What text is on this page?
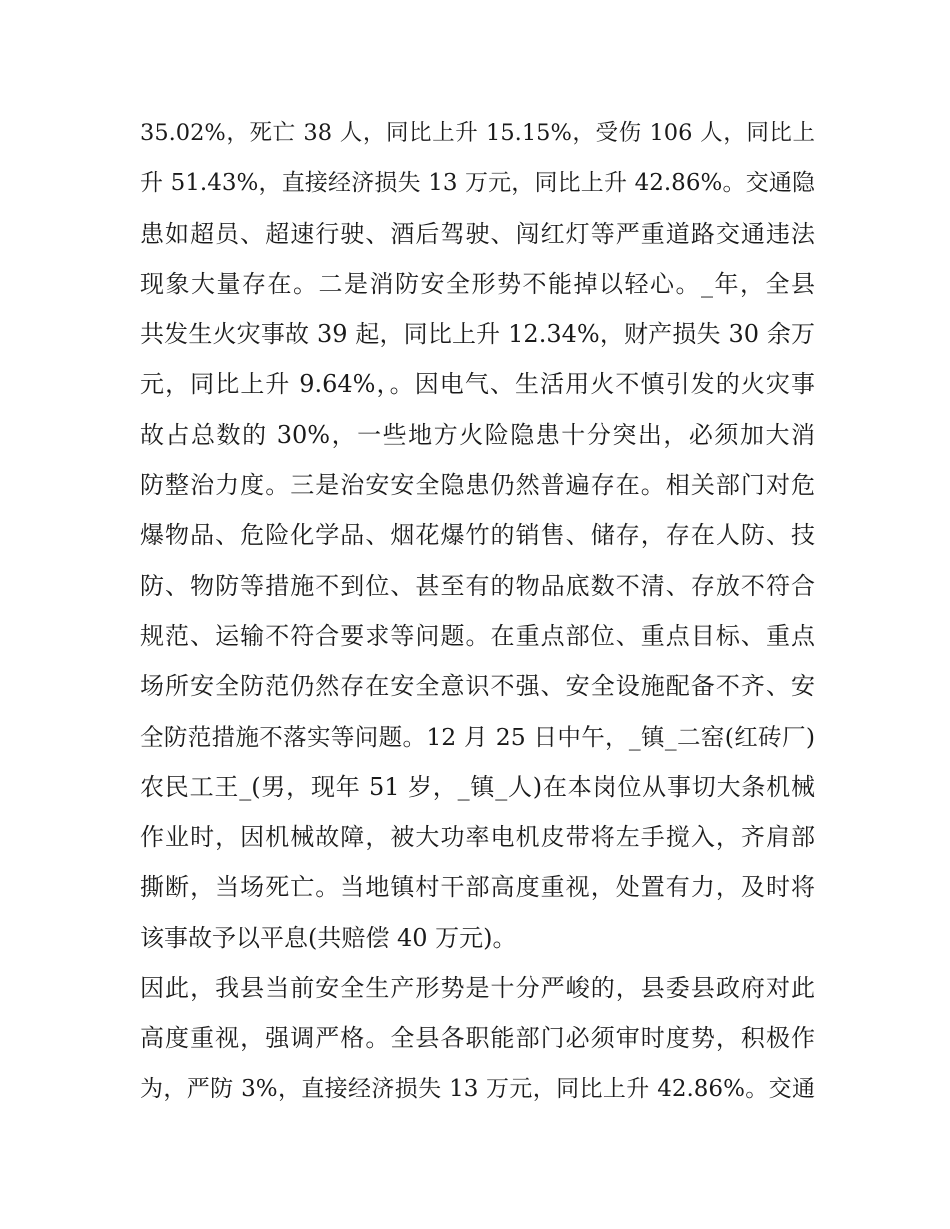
35.02%，死亡 38 人，同比上升 15.15%，受伤 106 人，同比上
升 51.43%，直接经济损失 13 万元，同比上升 42.86%。交通隐
患如超员、超速行驶、酒后驾驶、闯红灯等严重道路交通违法
现象大量存在。二是消防安全形势不能掉以轻心。_年，全县
共发生火灾事故 39 起，同比上升 12.34%，财产损失 30 余万
元，同比上升 9.64%，。因电气、生活用火不慎引发的火灾事
故占总数的 30%，一些地方火险隐患十分突出，必须加大消
防整治力度。三是治安安全隐患仍然普遍存在。相关部门对危
爆物品、危险化学品、烟花爆竹的销售、储存，存在人防、技
防、物防等措施不到位、甚至有的物品底数不清、存放不符合
规范、运输不符合要求等问题。在重点部位、重点目标、重点
场所安全防范仍然存在安全意识不强、安全设施配备不齐、安
全防范措施不落实等问题。12 月 25 日中午，_镇_二窑(红砖厂)
农民工王_(男，现年 51 岁，_镇_人)在本岗位从事切大条机械
作业时，因机械故障，被大功率电机皮带将左手搅入，齐肩部
撕断，当场死亡。当地镇村干部高度重视，处置有力，及时将
该事故予以平息(共赔偿 40 万元)。
因此，我县当前安全生产形势是十分严峻的，县委县政府对此
高度重视，强调严格。全县各职能部门必须审时度势，积极作
为，严防 3%，直接经济损失 13 万元，同比上升 42.86%。交通
